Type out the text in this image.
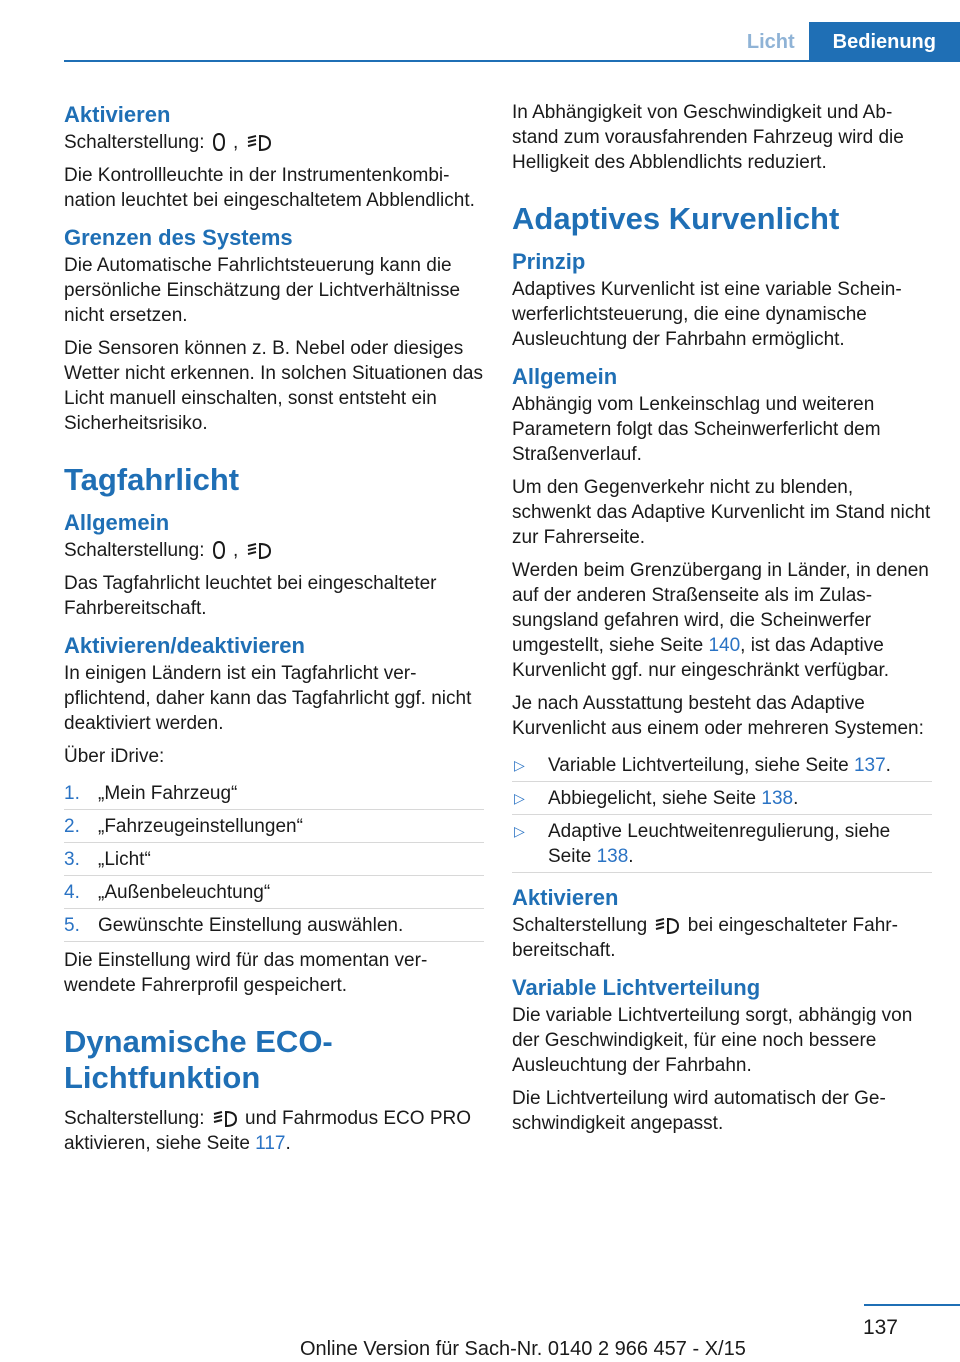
Licht	Bedienung
Aktivieren

Schalterstellung:
,

Die Kontrollleuchte in der Instrumentenkombination leuchtet bei eingeschaltetem Abblendlicht.

Grenzen des Systems

Die Automatische Fahrlichtsteuerung kann die persönliche Einschätzung der Lichtverhältnisse nicht ersetzen.

Die Sensoren können z. B. Nebel oder diesiges Wetter nicht erkennen. In solchen Situationen das Licht manuell einschalten, sonst entsteht ein Sicherheitsrisiko.

Tagfahrlicht
Allgemein

Schalterstellung:
,

Das Tagfahrlicht leuchtet bei eingeschalteter Fahrbereitschaft.

Aktivieren/deaktivieren

In einigen Ländern ist ein Tagfahrlicht verpflichtend, daher kann das Tagfahrlicht ggf. nicht deaktiviert werden.

Über iDrive:

1. „Mein Fahrzeug“
2. „Fahrzeugeinstellungen“
3. „Licht“
4. „Außenbeleuchtung“
5. Gewünschte Einstellung auswählen.

Die Einstellung wird für das momentan verwendete Fahrerprofil gespeichert.

Dynamische ECO-Lichtfunktion

Schalterstellung:
und Fahrmodus ECO PRO aktivieren, siehe Seite 117.

In Abhängigkeit von Geschwindigkeit und Abstand zum vorausfahrenden Fahrzeug wird die Helligkeit des Abblendlichts reduziert.

Adaptives Kurvenlicht
Prinzip

Adaptives Kurvenlicht ist eine variable Scheinwerferlichtsteuerung, die eine dynamische Ausleuchtung der Fahrbahn ermöglicht.

Allgemein

Abhängig vom Lenkeinschlag und weiteren Parametern folgt das Scheinwerferlicht dem Straßenverlauf.

Um den Gegenverkehr nicht zu blenden, schwenkt das Adaptive Kurvenlicht im Stand nicht zur Fahrerseite.

Werden beim Grenzübergang in Länder, in denen auf der anderen Straßenseite als im Zulassungsland gefahren wird, die Scheinwerfer umgestellt, siehe Seite 140, ist das Adaptive Kurvenlicht ggf. nur eingeschränkt verfügbar.

Je nach Ausstattung besteht das Adaptive Kurvenlicht aus einem oder mehreren Systemen:

▷	Variable Lichtverteilung, siehe Seite 137.
▷	Abbiegelicht, siehe Seite 138.
▷	Adaptive Leuchtweitenregulierung, siehe Seite 138.
Aktivieren

Schalterstellung
bei eingeschalteter Fahrbereitschaft.

Variable Lichtverteilung

Die variable Lichtverteilung sorgt, abhängig von der Geschwindigkeit, für eine noch bessere Ausleuchtung der Fahrbahn.

Die Lichtverteilung wird automatisch der Geschwindigkeit angepasst.

137
Online Version für Sach-Nr. 0140 2 966 457 - X/15
